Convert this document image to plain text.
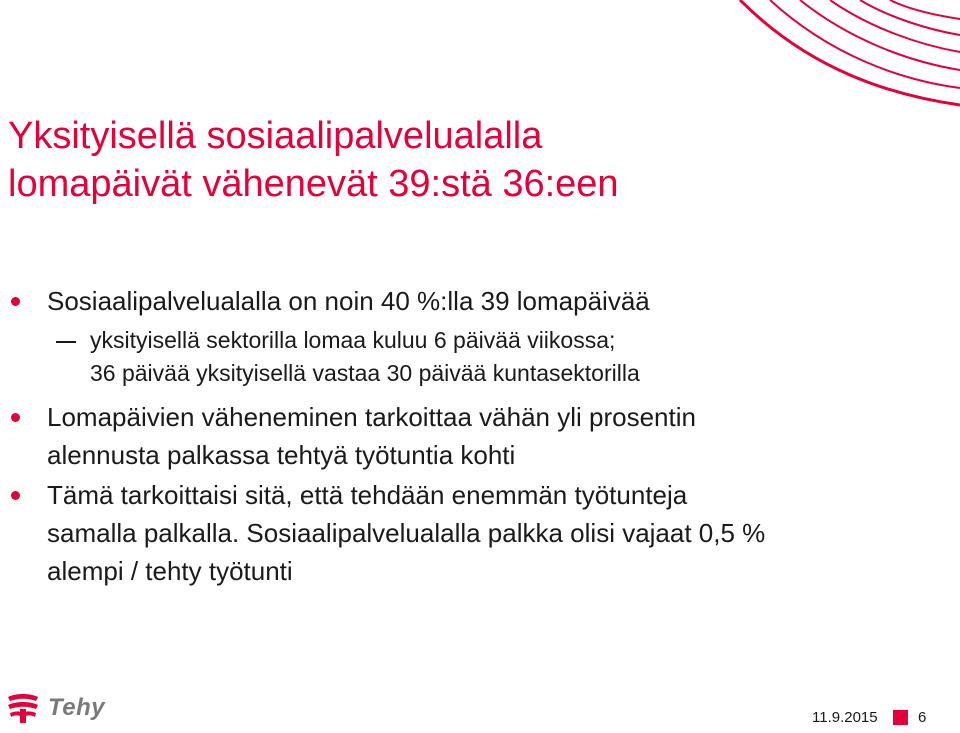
Yksityisellä sosiaalipalvelualalla
lomapäivät vähenevät 39:stä 36:een
Sosiaalipalvelualalla on noin 40 %:lla 39 lomapäivää
yksityisellä sektorilla lomaa kuluu 6 päivää viikossa;
36 päivää yksityisellä vastaa 30 päivää kuntasektorilla
Lomapäivien väheneminen tarkoittaa vähän yli prosentin
alennusta palkassa tehtyä työtuntia kohti
Tämä tarkoittaisi sitä, että tehdään enemmän työtunteja
samalla palkalla. Sosiaalipalvelualalla palkka olisi vajaat 0,5 %
alempi / tehty työtunti
Tehy	11.9.2015	6
